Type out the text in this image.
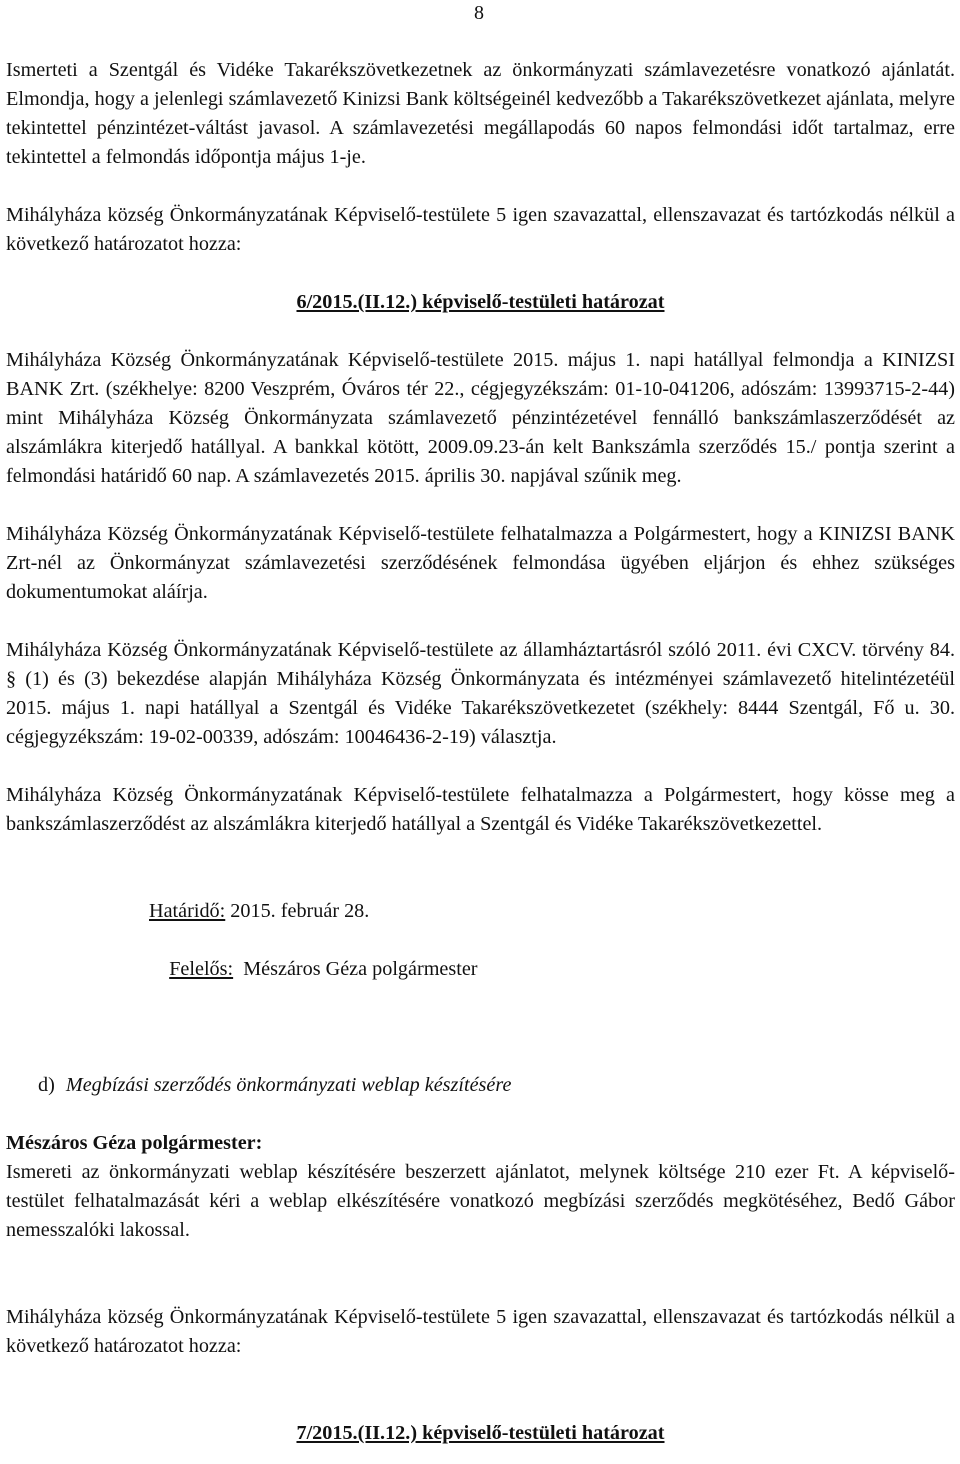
8

Ismerteti a Szentgál és Vidéke Takarékszövetkezetnek az önkormányzati számlavezetésre vonatkozó ajánlatát. Elmondja, hogy a jelenlegi számlavezető Kinizsi Bank költségeinél kedvezőbb a Takarékszövetkezet ajánlata, melyre tekintettel pénzintézet-váltást javasol. A számlavezetési megállapodás 60 napos felmondási időt tartalmaz, erre tekintettel a felmondás időpontja május 1-je.

Mihályháza község Önkormányzatának Képviselő-testülete 5 igen szavazattal, ellenszavazat és tartózkodás nélkül a következő határozatot hozza:

6/2015.(II.12.) képviselő-testületi határozat

Mihályháza Község Önkormányzatának Képviselő-testülete 2015. május 1. napi hatállyal felmondja a KINIZSI BANK Zrt. (székhelye: 8200 Veszprém, Óváros tér 22., cégjegyzékszám: 01-10-041206, adószám: 13993715-2-44) mint Mihályháza Község Önkormányzata számlavezető pénzintézetével fennálló bankszámlaszerződését az alszámlákra kiterjedő hatállyal. A bankkal kötött, 2009.09.23-án kelt Bankszámla szerződés 15./ pontja szerint a felmondási határidő 60 nap. A számlavezetés 2015. április 30. napjával szűnik meg.

Mihályháza Község Önkormányzatának Képviselő-testülete felhatalmazza a Polgármestert, hogy a KINIZSI BANK Zrt-nél az Önkormányzat számlavezetési szerződésének felmondása ügyében eljárjon és ehhez szükséges dokumentumokat aláírja.

Mihályháza Község Önkormányzatának Képviselő-testülete az államháztartásról szóló 2011. évi CXCV. törvény 84. § (1) és (3) bekezdése alapján Mihályháza Község Önkormányzata és intézményei számlavezető hitelintézetéül 2015. május 1. napi hatállyal a Szentgál és Vidéke Takarékszövetkezetet (székhely: 8444 Szentgál, Fő u. 30. cégjegyzékszám: 19-02-00339, adószám: 10046436-2-19) választja.

Mihályháza Község Önkormányzatának Képviselő-testülete felhatalmazza a Polgármestert, hogy kösse meg a bankszámlaszerződést az alszámlákra kiterjedő hatállyal a Szentgál és Vidéke Takarékszövetkezettel.

Határidő: 2015. február 28.

Felelős:  Mészáros Géza polgármester

d) Megbízási szerződés önkormányzati weblap készítésére

Mészáros Géza polgármester:

Ismereti az önkormányzati weblap készítésére beszerzett ajánlatot, melynek költsége 210 ezer Ft. A képviselő-testület felhatalmazását kéri a weblap elkészítésére vonatkozó megbízási szerződés megkötéséhez, Bedő Gábor nemesszalóki lakossal.

Mihályháza község Önkormányzatának Képviselő-testülete 5 igen szavazattal, ellenszavazat és tartózkodás nélkül a következő határozatot hozza:

7/2015.(II.12.) képviselő-testületi határozat
